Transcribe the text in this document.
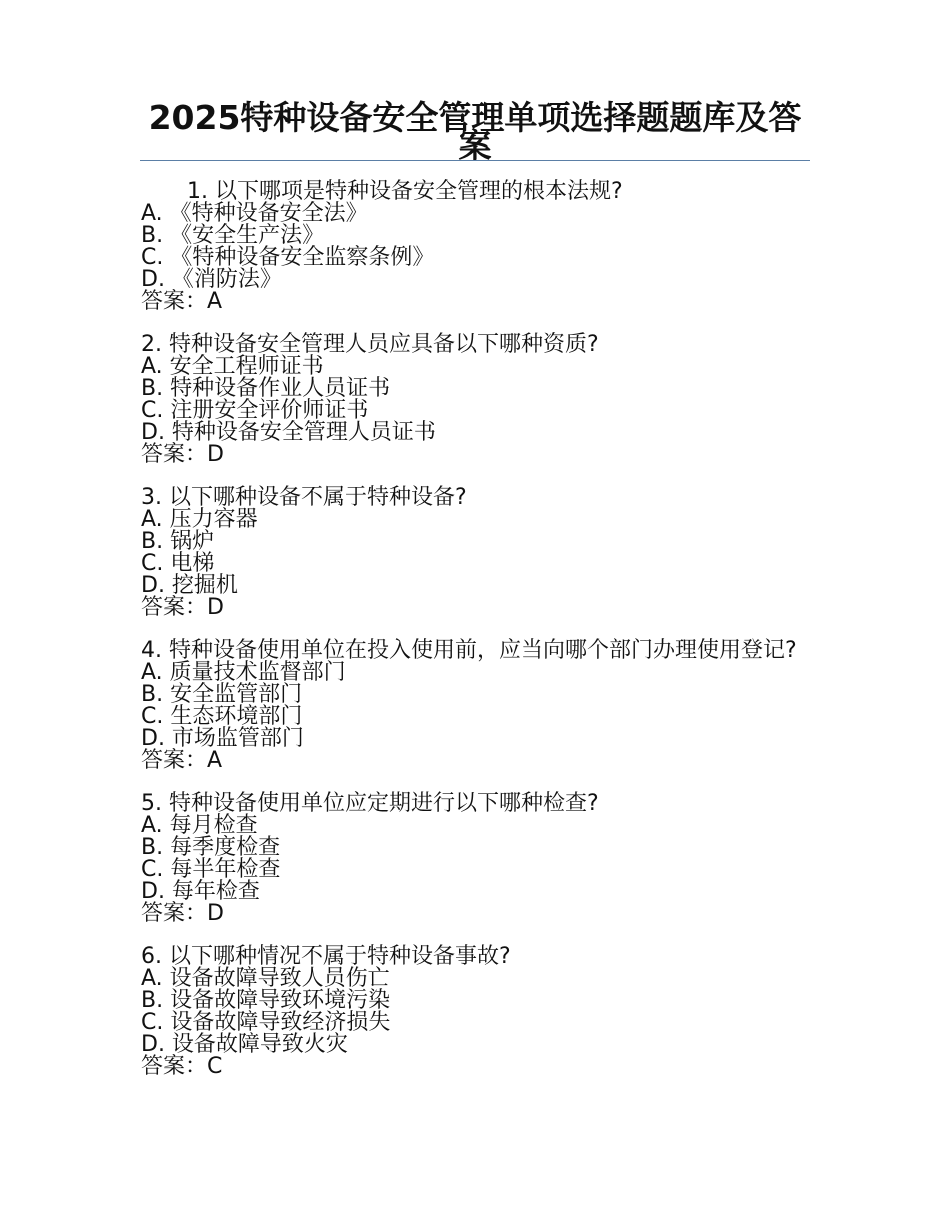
2025特种设备安全管理单项选择题题库及答案
1. 以下哪项是特种设备安全管理的根本法规?
A. 《特种设备安全法》
B. 《安全生产法》
C. 《特种设备安全监察条例》
D. 《消防法》
答案：A
2. 特种设备安全管理人员应具备以下哪种资质?
A. 安全工程师证书
B. 特种设备作业人员证书
C. 注册安全评价师证书
D. 特种设备安全管理人员证书
答案：D
3. 以下哪种设备不属于特种设备?
A. 压力容器
B. 锅炉
C. 电梯
D. 挖掘机
答案：D
4. 特种设备使用单位在投入使用前，应当向哪个部门办理使用登记?
A. 质量技术监督部门
B. 安全监管部门
C. 生态环境部门
D. 市场监管部门
答案：A
5. 特种设备使用单位应定期进行以下哪种检查?
A. 每月检查
B. 每季度检查
C. 每半年检查
D. 每年检查
答案：D
6. 以下哪种情况不属于特种设备事故?
A. 设备故障导致人员伤亡
B. 设备故障导致环境污染
C. 设备故障导致经济损失
D. 设备故障导致火灾
答案：C
